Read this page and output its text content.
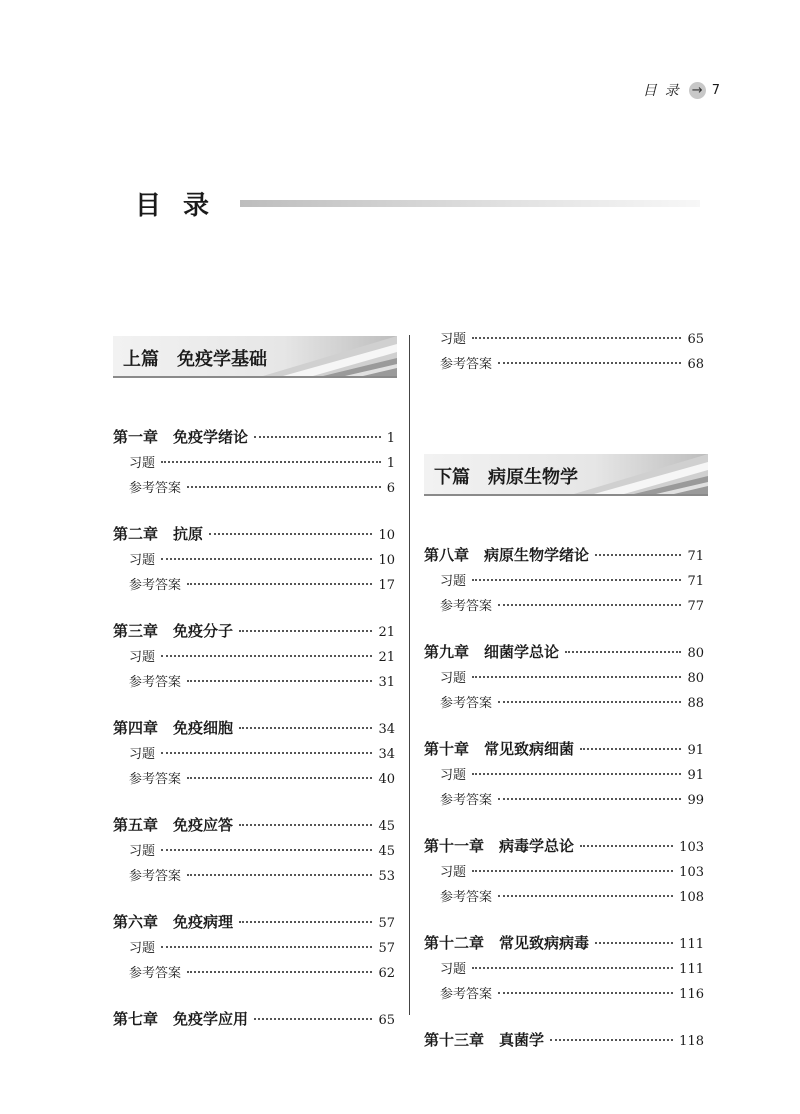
目录 → 7
目录
上篇　免疫学基础
第一章　免疫学绪论	1
习题	1
参考答案	6
第二章　抗原	10
习题	10
参考答案	17
第三章　免疫分子	21
习题	21
参考答案	31
第四章　免疫细胞	34
习题	34
参考答案	40
第五章　免疫应答	45
习题	45
参考答案	53
第六章　免疫病理	57
习题	57
参考答案	62
第七章　免疫学应用	65
习题	65
参考答案	68
下篇　病原生物学
第八章　病原生物学绪论	71
习题	71
参考答案	77
第九章　细菌学总论	80
习题	80
参考答案	88
第十章　常见致病细菌	91
习题	91
参考答案	99
第十一章　病毒学总论	103
习题	103
参考答案	108
第十二章　常见致病病毒	111
习题	111
参考答案	116
第十三章　真菌学	118
